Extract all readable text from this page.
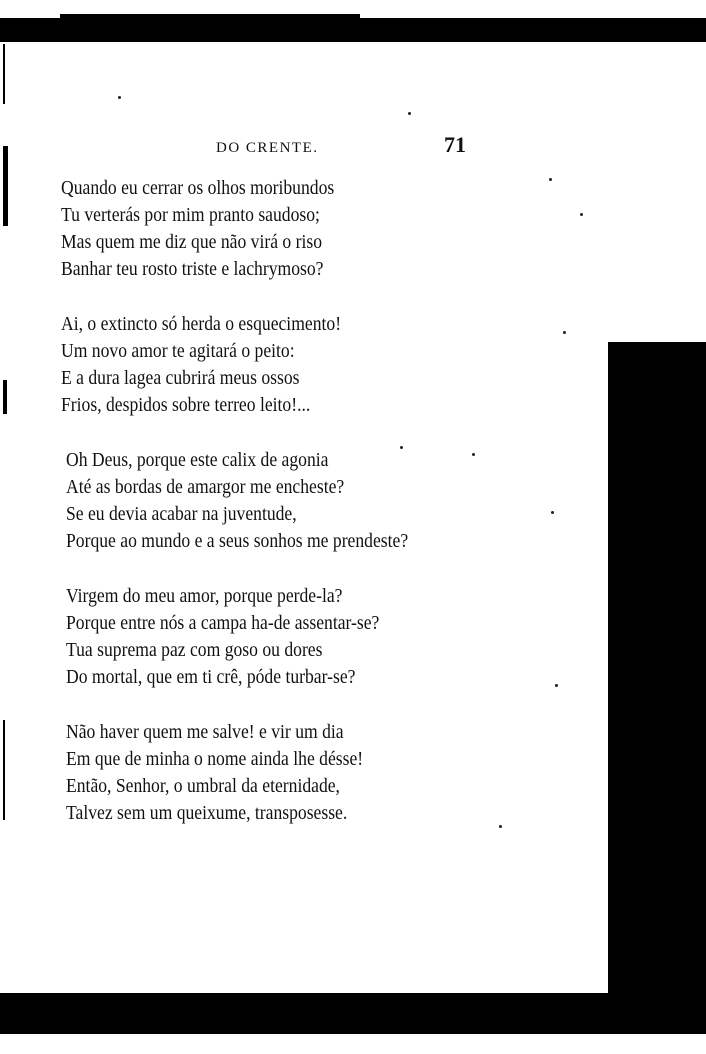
DO CRENTE.	71
Quando eu cerrar os olhos moribundos
Tu verterás por mim pranto saudoso;
Mas quem me diz que não virá o riso
Banhar teu rosto triste e lachrymoso?
Ai, o extincto só herda o esquecimento!
Um novo amor te agitará o peito:
E a dura lagea cubrirá meus ossos
Frios, despidos sobre terreo leito!...
Oh Deus, porque este calix de agonia
Até as bordas de amargor me encheste?
Se eu devia acabar na juventude,
Porque ao mundo e a seus sonhos me prendeste?
Virgem do meu amor, porque perde-la?
Porque entre nós a campa ha-de assentar-se?
Tua suprema paz com goso ou dores
Do mortal, que em ti crê, póde turbar-se?
Não haver quem me salve! e vir um dia
Em que de minha o nome ainda lhe désse!
Então, Senhor, o umbral da eternidade,
Talvez sem um queixume, transposesse.
